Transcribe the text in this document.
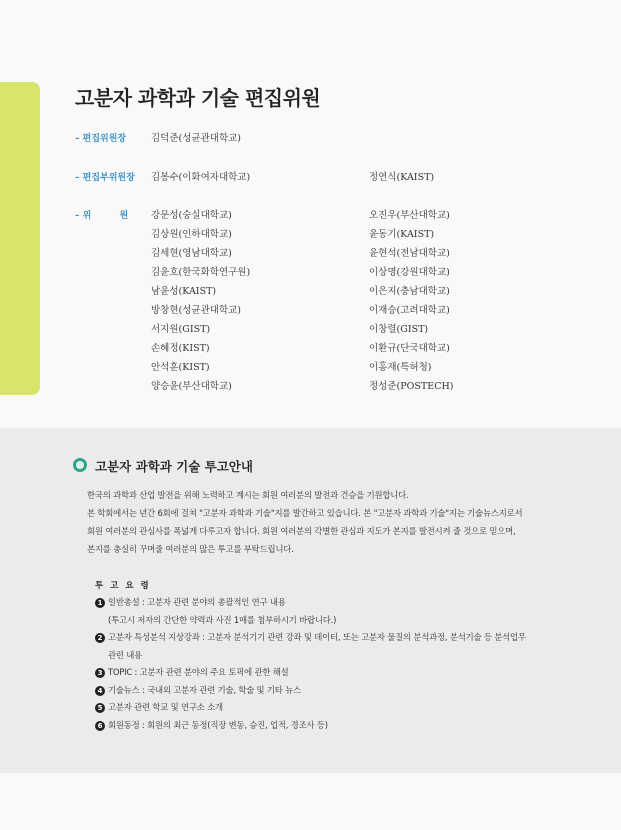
고분자 과학과 기술 편집위원
– 편집위원장	김덕준(성균관대학교)
– 편집부위원장 김봉수(이화여자대학교)	정연식(KAIST)
– 위         원 강문성(숭실대학교)
김상원(인하대학교)
김세현(영남대학교)
김윤호(한국화학연구원)
남윤성(KAIST)
방창현(성균관대학교)
서지원(GIST)
손혜정(KIST)
안석훈(KIST)
양승윤(부산대학교)
오진우(부산대학교)
윤동기(KAIST)
윤현석(전남대학교)
이상명(강원대학교)
이은지(충남대학교)
이재승(고려대학교)
이창렬(GIST)
이환규(단국대학교)
이홍재(특허청)
정성준(POSTECH)
고분자 과학과 기술 투고안내
한국의 과학과 산업 발전을 위해 노력하고 계시는 회원 여러분의 발전과 건승을 기원합니다.
본 학회에서는 년간 6회에 걸쳐 "고분자 과학과 기술"지를 발간하고 있습니다. 본 "고분자 과학과 기술"지는 기술뉴스지로서
회원 여러분의 관심사를 폭넓게 다루고자 합니다. 회원 여러분의 각별한 관심과 지도가 본지를 발전시켜 줄 것으로 믿으며,
본지를 충실히 꾸며줄 여러분의 많은 투고를 부탁드립니다.
투 고 요 령
1 일반총설 : 고분자 관련 분야의 총괄적인 연구 내용
(투고시 저자의 간단한 약력과 사진 1매를 첨부하시기 바랍니다.)
2 고분자 특성분석 지상강좌 : 고분자 분석기기 관련 강좌 및 데이터, 또는 고분자 물질의 분석과정, 분석기술 등 분석업무
관련 내용
3 TOPIC : 고분자 관련 분야의 주요 토픽에 관한 해설
4 기술뉴스 : 국내외 고분자 관련 기술, 학술 및 기타 뉴스
5 고분자 관련 학교 및 연구소 소개
6 회원동정 : 회원의 최근 동정(직장 변동, 승진, 업적, 경조사 등)
